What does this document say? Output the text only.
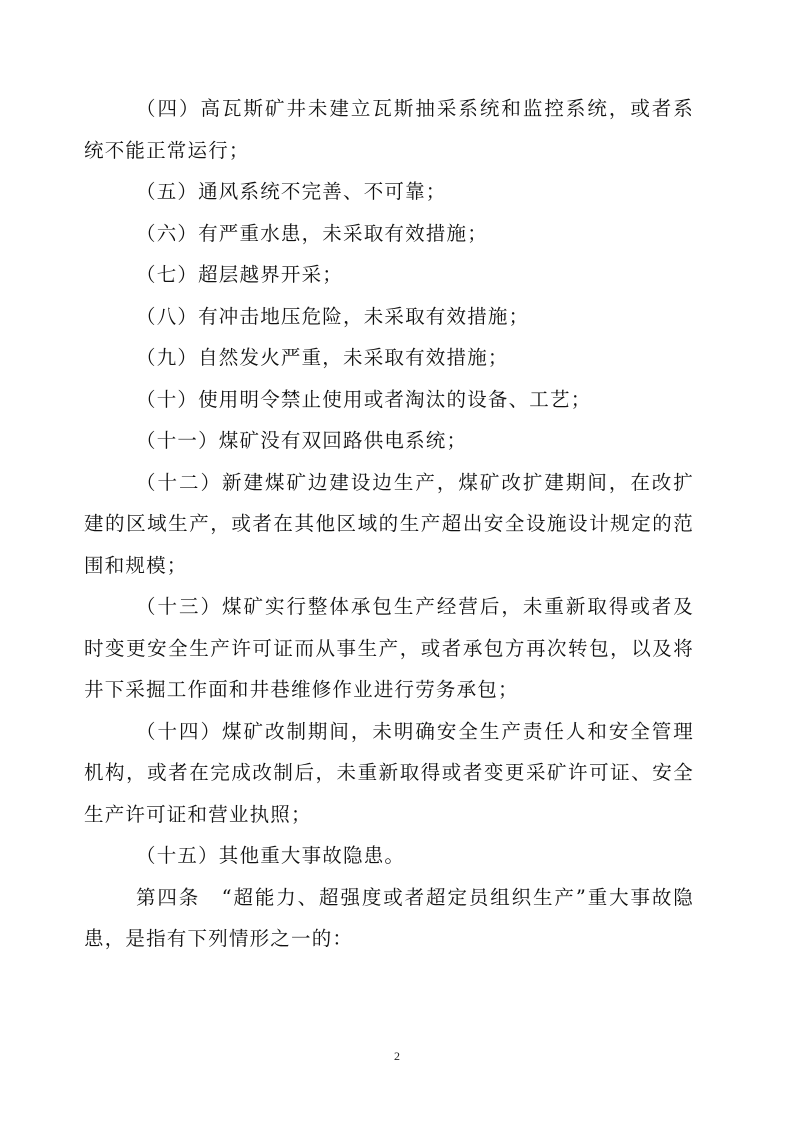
（四）高瓦斯矿井未建立瓦斯抽采系统和监控系统，或者系统不能正常运行；

（五）通风系统不完善、不可靠；

（六）有严重水患，未采取有效措施；

（七）超层越界开采；

（八）有冲击地压危险，未采取有效措施；

（九）自然发火严重，未采取有效措施；

（十）使用明令禁止使用或者淘汰的设备、工艺；

（十一）煤矿没有双回路供电系统；

（十二）新建煤矿边建设边生产，煤矿改扩建期间，在改扩建的区域生产，或者在其他区域的生产超出安全设施设计规定的范围和规模；

（十三）煤矿实行整体承包生产经营后，未重新取得或者及时变更安全生产许可证而从事生产，或者承包方再次转包，以及将井下采掘工作面和井巷维修作业进行劳务承包；

（十四）煤矿改制期间，未明确安全生产责任人和安全管理机构，或者在完成改制后，未重新取得或者变更采矿许可证、安全生产许可证和营业执照；

（十五）其他重大事故隐患。

第四条　“超能力、超强度或者超定员组织生产”重大事故隐患，是指有下列情形之一的：

2
